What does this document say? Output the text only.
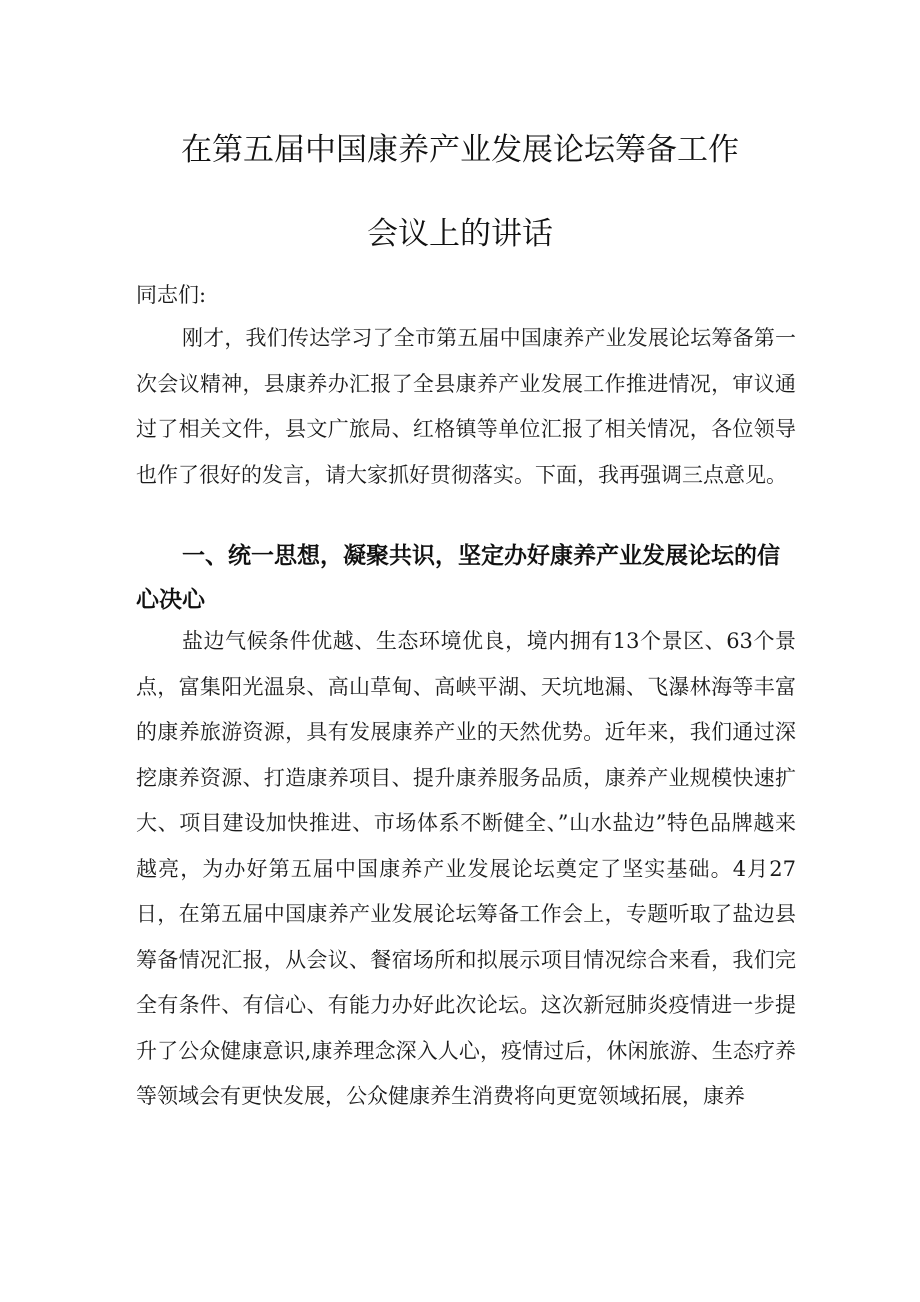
在第五届中国康养产业发展论坛筹备工作
会议上的讲话

同志们:

刚才，我们传达学习了全市第五届中国康养产业发展论坛筹备第一次会议精神，县康养办汇报了全县康养产业发展工作推进情况，审议通过了相关文件，县文广旅局、红格镇等单位汇报了相关情况，各位领导也作了很好的发言，请大家抓好贯彻落实。下面，我再强调三点意见。

一、统一思想，凝聚共识，坚定办好康养产业发展论坛的信心决心

盐边气候条件优越、生态环境优良，境内拥有13个景区、63个景点，富集阳光温泉、高山草甸、高峡平湖、天坑地漏、飞瀑林海等丰富的康养旅游资源，具有发展康养产业的天然优势。近年来，我们通过深挖康养资源、打造康养项目、提升康养服务品质，康养产业规模快速扩大、项目建设加快推进、市场体系不断健全、”山水盐边”特色品牌越来越亮，为办好第五届中国康养产业发展论坛奠定了坚实基础。4月27日，在第五届中国康养产业发展论坛筹备工作会上，专题听取了盐边县筹备情况汇报，从会议、餐宿场所和拟展示项目情况综合来看，我们完全有条件、有信心、有能力办好此次论坛。这次新冠肺炎疫情进一步提升了公众健康意识,康养理念深入人心，疫情过后，休闲旅游、生态疗养等领域会有更快发展，公众健康养生消费将向更宽领域拓展，康养
